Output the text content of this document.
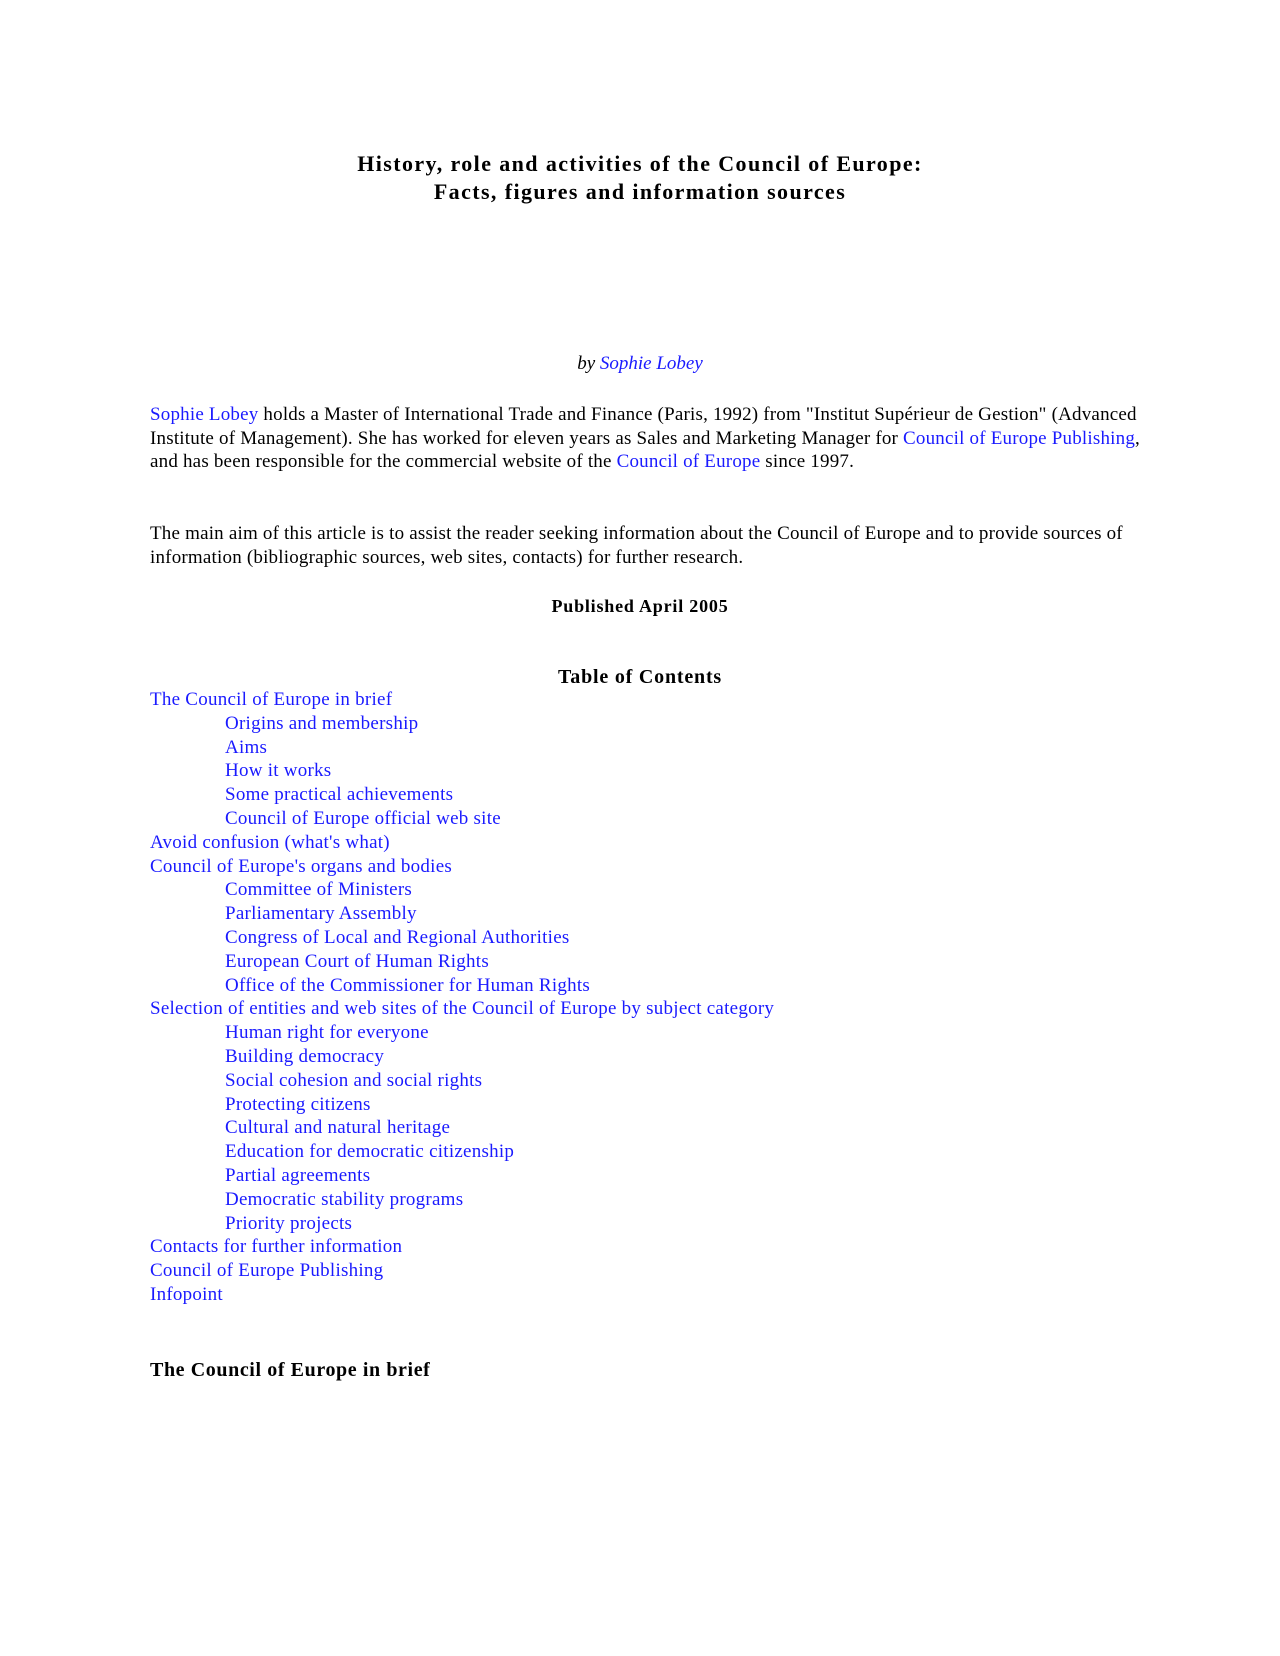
History, role and activities of the Council of Europe:
Facts, figures and information sources
by Sophie Lobey
Sophie Lobey holds a Master of International Trade and Finance (Paris, 1992) from "Institut Supérieur de Gestion" (Advanced Institute of Management). She has worked for eleven years as Sales and Marketing Manager for Council of Europe Publishing, and has been responsible for the commercial website of the Council of Europe since 1997.
The main aim of this article is to assist the reader seeking information about the Council of Europe and to provide sources of information (bibliographic sources, web sites, contacts) for further research.
Published April 2005
Table of Contents
The Council of Europe in brief
Origins and membership
Aims
How it works
Some practical achievements
Council of Europe official web site
Avoid confusion (what's what)
Council of Europe's organs and bodies
Committee of Ministers
Parliamentary Assembly
Congress of Local and Regional Authorities
European Court of Human Rights
Office of the Commissioner for Human Rights
Selection of entities and web sites of the Council of Europe by subject category
Human right for everyone
Building democracy
Social cohesion and social rights
Protecting citizens
Cultural and natural heritage
Education for democratic citizenship
Partial agreements
Democratic stability programs
Priority projects
Contacts for further information
Council of Europe Publishing
Infopoint
The Council of Europe in brief
